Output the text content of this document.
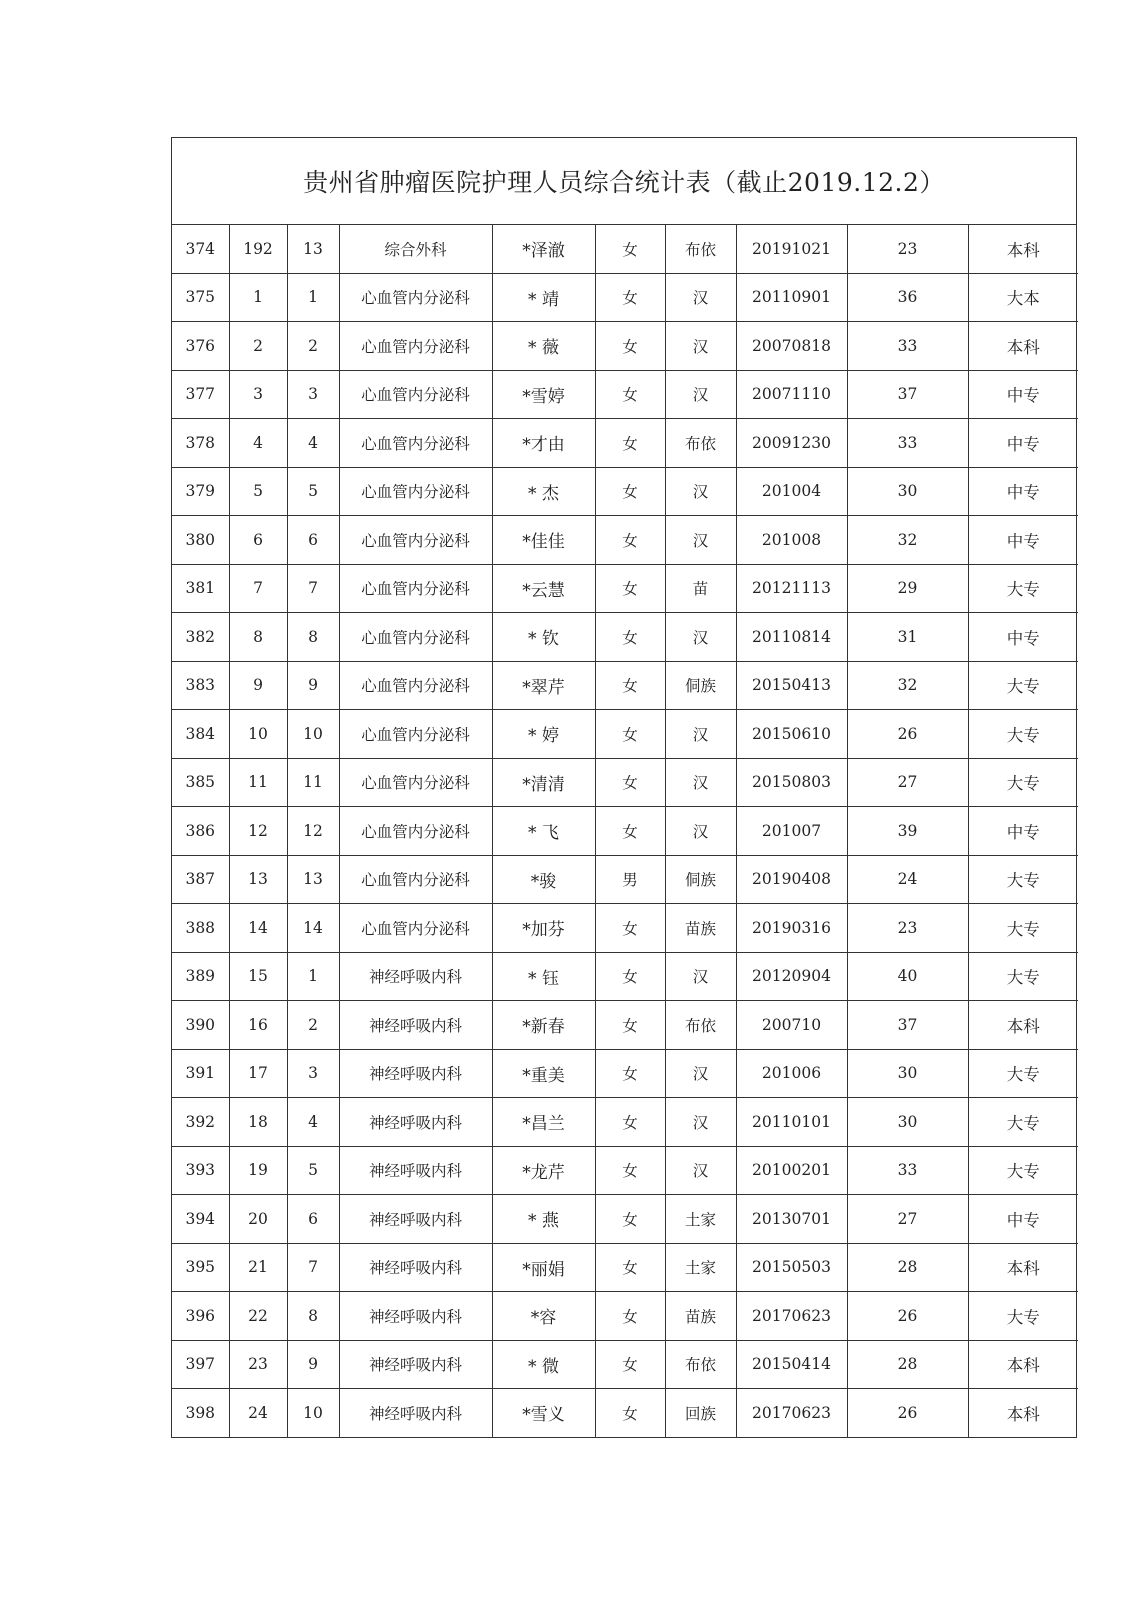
贵州省肿瘤医院护理人员综合统计表（截止2019.12.2）
374	192	13	综合外科	*泽澈	女	布依	20191021	23	本科
375	1	1	心血管内分泌科	* 靖	女	汉	20110901	36	大本
376	2	2	心血管内分泌科	* 薇	女	汉	20070818	33	本科
377	3	3	心血管内分泌科	*雪婷	女	汉	20071110	37	中专
378	4	4	心血管内分泌科	*才由	女	布依	20091230	33	中专
379	5	5	心血管内分泌科	* 杰	女	汉	201004	30	中专
380	6	6	心血管内分泌科	*佳佳	女	汉	201008	32	中专
381	7	7	心血管内分泌科	*云慧	女	苗	20121113	29	大专
382	8	8	心血管内分泌科	* 钦	女	汉	20110814	31	中专
383	9	9	心血管内分泌科	*翠芹	女	侗族	20150413	32	大专
384	10	10	心血管内分泌科	* 婷	女	汉	20150610	26	大专
385	11	11	心血管内分泌科	*清清	女	汉	20150803	27	大专
386	12	12	心血管内分泌科	* 飞	女	汉	201007	39	中专
387	13	13	心血管内分泌科	*骏	男	侗族	20190408	24	大专
388	14	14	心血管内分泌科	*加芬	女	苗族	20190316	23	大专
389	15	1	神经呼吸内科	* 钰	女	汉	20120904	40	大专
390	16	2	神经呼吸内科	*新春	女	布依	200710	37	本科
391	17	3	神经呼吸内科	*重美	女	汉	201006	30	大专
392	18	4	神经呼吸内科	*昌兰	女	汉	20110101	30	大专
393	19	5	神经呼吸内科	*龙芹	女	汉	20100201	33	大专
394	20	6	神经呼吸内科	* 燕	女	土家	20130701	27	中专
395	21	7	神经呼吸内科	*丽娟	女	土家	20150503	28	本科
396	22	8	神经呼吸内科	*容	女	苗族	20170623	26	大专
397	23	9	神经呼吸内科	* 微	女	布依	20150414	28	本科
398	24	10	神经呼吸内科	*雪义	女	回族	20170623	26	本科
